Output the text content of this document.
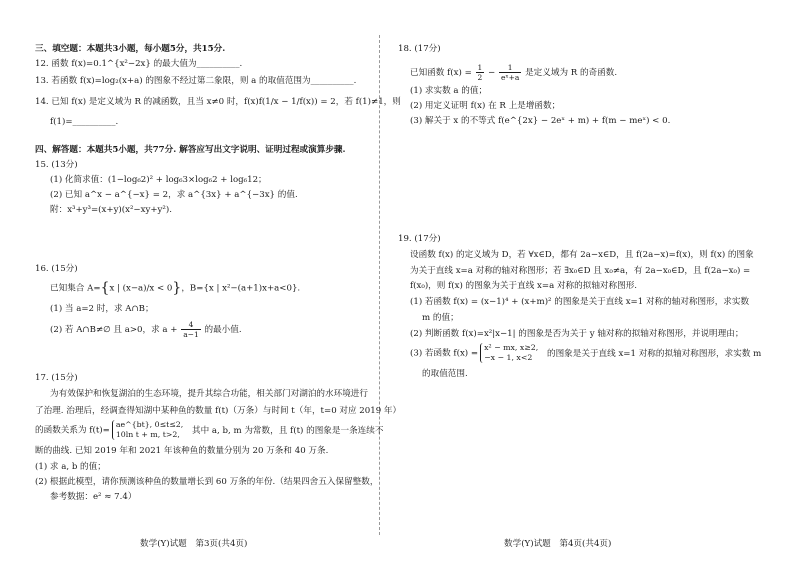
三、填空题：本题共3小题，每小题5分，共15分.
12. 函数 f(x)=0.1^{x²−2x} 的最大值为__________.
13. 若函数 f(x)=log₂(x+a) 的图象不经过第二象限，则 a 的取值范围为__________.
14. 已知 f(x) 是定义域为 R 的减函数，且当 x≠0 时，f(x)f(1/x − 1/f(x)) = 2，若 f(1)≠1，则
f(1)=__________.
四、解答题：本题共5小题，共77分. 解答应写出文字说明、证明过程或演算步骤.
15. (13分)
(1) 化简求值：(1−log₆2)² + log₆3×log₆2 + log₆12；
(2) 已知 a^x − a^{−x} = 2，求 a^{3x} + a^{−3x} 的值.
附：x³+y³=(x+y)(x²−xy+y²).
16. (15分)
已知集合 A={x | (x−a)/x < 0}，B={x | x²−(a+1)x+a<0}.
(1) 当 a=2 时，求 A∩B；
(2) 若 A∩B≠∅ 且 a>0，求 $a + \frac{4}{a-1}$ 的最小值.
17. (15分)
为有效保护和恢复湖泊的生态环境，提升其综合功能，相关部门对湖泊的水环境进行
了治理. 治理后，经调查得知湖中某种鱼的数量 f(t)（万条）与时间 t（年，t=0 对应 2019 年）
的函数关系为 f(t)=
ae^{bt}, 0≤t≤2,
10ln t + m, t>2,	其中 a, b, m 为常数，且 f(t) 的图象是一条连续不
断的曲线. 已知 2019 年和 2021 年该种鱼的数量分别为 20 万条和 40 万条.
(1) 求 a, b 的值；
(2) 根据此模型，请你预测该种鱼的数量增长到 60 万条的年份.（结果四舍五入保留整数，
参考数据：e² ≈ 7.4）
数学(Y)试题　第3页(共4页)
18. (17分)
已知函数 $f(x) = \frac{1}{2} - \frac{1}{\text{eˣ+a}}$ 是定义域为 R 的奇函数.
(1) 求实数 a 的值；
(2) 用定义证明 f(x) 在 R 上是增函数；
(3) 解关于 x 的不等式 f(e^{2x} − 2eˣ + m) + f(m − meˣ) < 0.
19. (17分)
设函数 f(x) 的定义域为 D，若 ∀x∈D，都有 2a−x∈D，且 f(2a−x)=f(x)，则 f(x) 的图象
为关于直线 x=a 对称的轴对称图形；若 ∃x₀∈D 且 x₀≠a，有 2a−x₀∈D，且 f(2a−x₀) =
f(x₀)，则 f(x) 的图象为关于直线 x=a 对称的拟轴对称图形.
(1) 若函数 f(x) = (x−1)⁴ + (x+m)² 的图象是关于直线 x=1 对称的轴对称图形，求实数
m 的值；
(2) 判断函数 f(x)=x²|x−1| 的图象是否为关于 y 轴对称的拟轴对称图形，并说明理由；
(3) 若函数 f(x) =
x² − mx, x≥2,
−x − 1, x<2	的图象是关于直线 x=1 对称的拟轴对称图形，求实数 m
的取值范围.
数学(Y)试题　第4页(共4页)
